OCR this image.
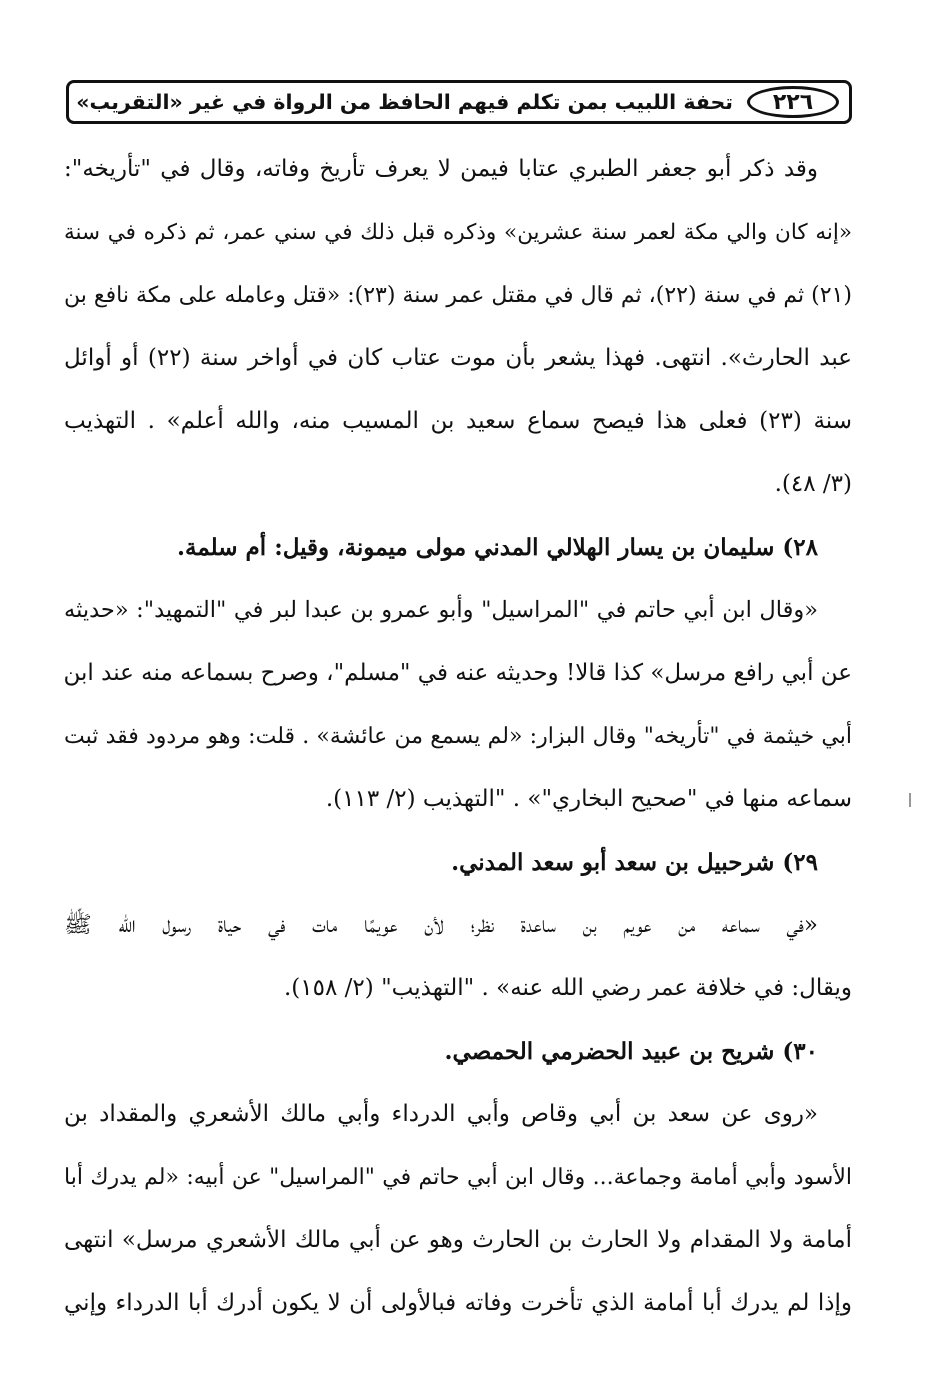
٢٢٦
تحفة اللبيب بمن تكلم فيهم الحافظ من الرواة في غير «التقريب»
وقد ذكر أبو جعفر الطبري عتابا فيمن لا يعرف تأريخ وفاته، وقال في "تأريخه":
«إنه كان والي مكة لعمر سنة عشرين» وذكره قبل ذلك في سني عمر، ثم ذكره في سنة
(٢١) ثم في سنة (٢٢)، ثم قال في مقتل عمر سنة (٢٣): «قتل وعامله على مكة نافع بن
عبد الحارث». انتهى. فهذا يشعر بأن موت عتاب كان في أواخر سنة (٢٢) أو أوائل
سنة (٢٣) فعلى هذا فيصح سماع سعيد بن المسيب منه، والله أعلم» . التهذيب
(٣/ ٤٨).
٢٨) سليمان بن يسار الهلالي المدني مولى ميمونة، وقيل: أم سلمة.
«وقال ابن أبي حاتم في "المراسيل" وأبو عمرو بن عبدا لبر في "التمهيد": «حديثه
عن أبي رافع مرسل» كذا قالا! وحديثه عنه في "مسلم"، وصرح بسماعه منه عند ابن
أبي خيثمة في "تأريخه" وقال البزار: «لم يسمع من عائشة» . قلت: وهو مردود فقد ثبت
سماعه منها في "صحيح البخاري"» . "التهذيب (٢/ ١١٣).
٢٩) شرحبيل بن سعد أبو سعد المدني.
«في سماعه من عويم بن ساعدة نظر؛ لأن عويمًا مات في حياة رسول الله ﷺ
ويقال: في خلافة عمر رضي الله عنه» . "التهذيب" (٢/ ١٥٨).
٣٠) شريح بن عبيد الحضرمي الحمصي.
«روى عن سعد بن أبي وقاص وأبي الدرداء وأبي مالك الأشعري والمقداد بن
الأسود وأبي أمامة وجماعة... وقال ابن أبي حاتم في "المراسيل" عن أبيه: «لم يدرك أبا
أمامة ولا المقدام ولا الحارث بن الحارث وهو عن أبي مالك الأشعري مرسل» انتهى
وإذا لم يدرك أبا أمامة الذي تأخرت وفاته فبالأولى أن لا يكون أدرك أبا الدرداء وإني
